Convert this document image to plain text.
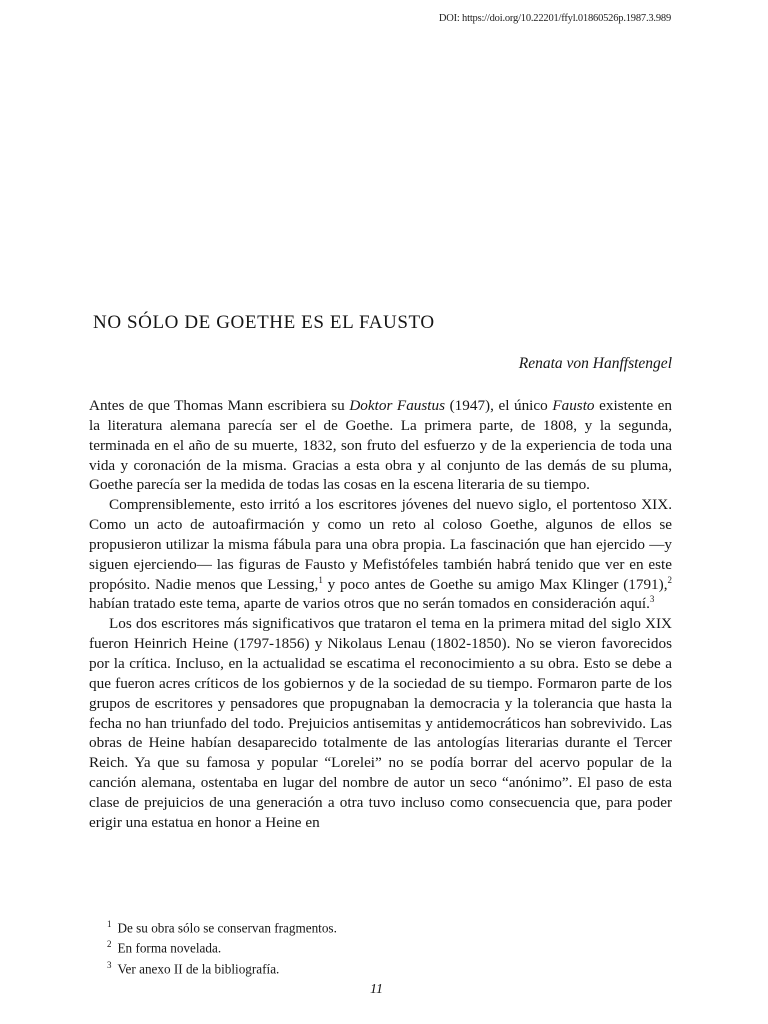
DOI: https://doi.org/10.22201/ffyl.01860526p.1987.3.989
NO SÓLO DE GOETHE ES EL FAUSTO
Renata von Hanffstengel

Antes de que Thomas Mann escribiera su Doktor Faustus (1947), el único Fausto existente en la literatura alemana parecía ser el de Goethe. La primera parte, de 1808, y la segunda, terminada en el año de su muerte, 1832, son fruto del esfuerzo y de la experiencia de toda una vida y coronación de la misma. Gracias a esta obra y al conjunto de las demás de su pluma, Goethe parecía ser la medida de todas las cosas en la escena literaria de su tiempo.

Comprensiblemente, esto irritó a los escritores jóvenes del nuevo siglo, el portentoso XIX. Como un acto de autoafirmación y como un reto al coloso Goethe, algunos de ellos se propusieron utilizar la misma fábula para una obra propia. La fascinación que han ejercido —y siguen ejerciendo— las figuras de Fausto y Mefistófeles también habrá tenido que ver en este propósito. Nadie menos que Lessing,$^1$ y poco antes de Goethe su amigo Max Klinger (1791),$^2$ habían tratado este tema, aparte de varios otros que no serán tomados en consideración aquí.$^3$

Los dos escritores más significativos que trataron el tema en la primera mitad del siglo XIX fueron Heinrich Heine (1797-1856) y Nikolaus Lenau (1802-1850). No se vieron favorecidos por la crítica. Incluso, en la actualidad se escatima el reconocimiento a su obra. Esto se debe a que fueron acres críticos de los gobiernos y de la sociedad de su tiempo. Formaron parte de los grupos de escritores y pensadores que propugnaban la democracia y la tolerancia que hasta la fecha no han triunfado del todo. Prejuicios antisemitas y antidemocráticos han sobrevivido. Las obras de Heine habían desaparecido totalmente de las antologías literarias durante el Tercer Reich. Ya que su famosa y popular “Lorelei” no se podía borrar del acervo popular de la canción alemana, ostentaba en lugar del nombre de autor un seco “anónimo”. El paso de esta clase de prejuicios de una generación a otra tuvo incluso como consecuencia que, para poder erigir una estatua en honor a Heine en

$^1$ De su obra sólo se conservan fragmentos.
$^2$ En forma novelada.
$^3$ Ver anexo II de la bibliografía.
11
